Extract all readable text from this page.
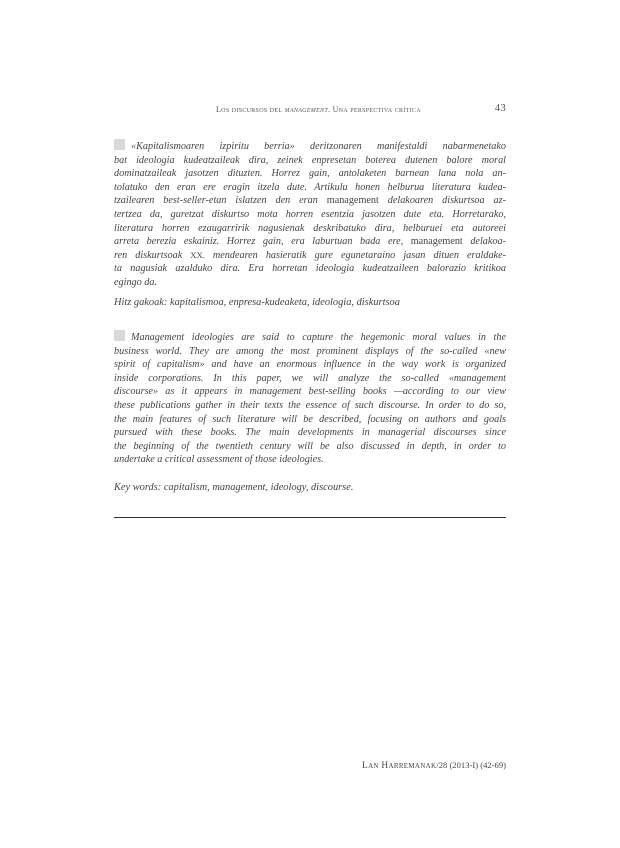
Los discursos del management. Una perspectiva crítica	43
«Kapitalismoaren izpiritu berria» deritzonaren manifestaldi nabarmenetako
bat ideologia kudeatzaileak dira, zeinek enpresetan boterea dutenen balore moral
dominatzaileak jasotzen dituzten. Horrez gain, antolaketen barnean lana nola an-
tolatuko den eran ere eragin itzela dute. Artikulu honen helburua literatura kudea-
tzailearen best-seller-etan islatzen den eran management delakoaren diskurtsoa az-
tertzea da, guretzat diskurtso mota horren esentzia jasotzen dute eta. Horretarako,
literatura horren ezaugarririk nagusienak deskribatuko dira, helburuei eta autoreei
arreta berezia eskainiz. Horrez gain, era laburtuan bada ere, management delakoa-
ren diskurtsoak XX. mendearen hasieratik gure egunetaraino jasan dituen eraldake-
ta nagusiak azalduko dira. Era horretan ideologia kudeatzaileen balorazio kritikoa
egingo da.
Hitz gakoak: kapitalismoa, enpresa-kudeaketa, ideologia, diskurtsoa
Management ideologies are said to capture the hegemonic moral values in the
business world. They are among the most prominent displays of the so-called «new
spirit of capitalism» and have an enormous influence in the way work is organized
inside corporations. In this paper, we will analyze the so-called «management
discourse» as it appears in management best-selling books —according to our view
these publications gather in their texts the essence of such discourse. In order to do so,
the main features of such literature will be described, focusing on authors and goals
pursued with these books. The main developments in managerial discourses since
the beginning of the twentieth century will be also discussed in depth, in order to
undertake a critical assessment of those ideologies.
Key words: capitalism, management, ideology, discourse.
Lan Harremanak/28 (2013-I) (42-69)
